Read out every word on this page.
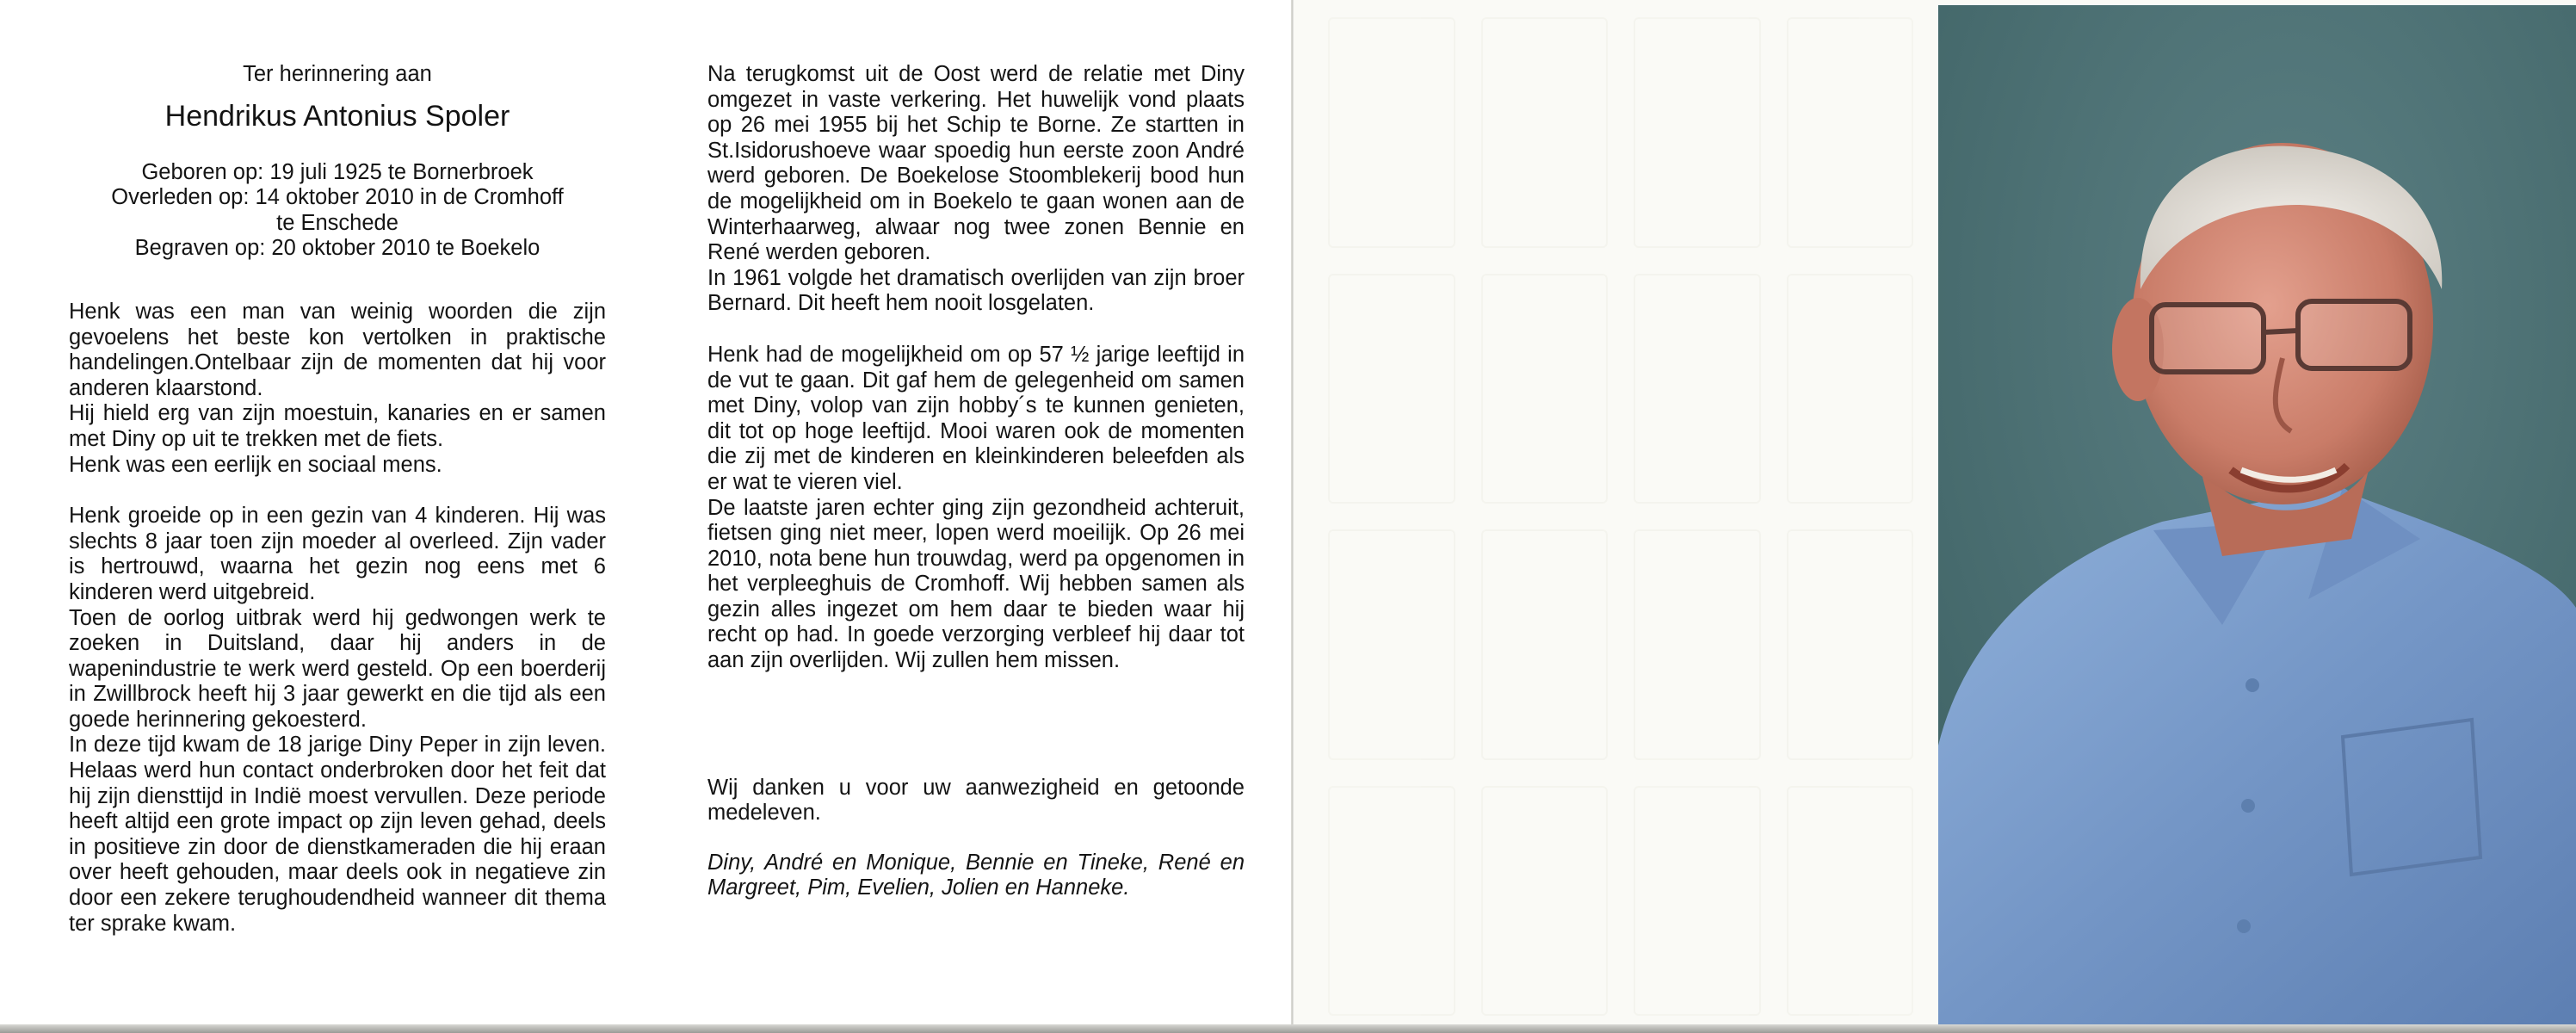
Ter herinnering aan

Hendrikus Antonius Spoler

Geboren op: 19 juli 1925 te Bornerbroek

Overleden op: 14 oktober 2010 in de Cromhoff

te Enschede

Begraven op: 20 oktober 2010 te Boekelo

Henk was een man van weinig woorden die zijn gevoelens het beste kon vertolken in praktische handelingen.Ontelbaar zijn de momenten dat hij voor anderen klaarstond.

Hij hield erg van zijn moestuin, kanaries en er samen met Diny op uit te trekken met de fiets.

Henk was een eerlijk en sociaal mens.

Henk groeide op in een gezin van 4 kinderen. Hij was slechts 8 jaar toen zijn moeder al overleed. Zijn vader is hertrouwd, waarna het gezin nog eens met 6 kinderen werd uitgebreid.

Toen de oorlog uitbrak werd hij gedwongen werk te zoeken in Duitsland, daar hij anders in de wapenindustrie te werk werd gesteld. Op een boerderij in Zwillbrock heeft hij 3 jaar gewerkt en die tijd als een goede herinnering gekoesterd.

In deze tijd kwam de 18 jarige Diny Peper in zijn leven. Helaas werd hun contact onderbroken door het feit dat hij zijn diensttijd in Indië moest vervullen. Deze periode heeft altijd een grote impact op zijn leven gehad, deels in positieve zin door de dienstkameraden die hij eraan over heeft gehouden, maar deels ook in negatieve zin door een zekere terughoudendheid wanneer dit thema ter sprake kwam.

Na terugkomst uit de Oost werd de relatie met Diny omgezet in vaste verkering. Het huwelijk vond plaats op 26 mei 1955 bij het Schip te Borne. Ze startten in St.Isidorushoeve waar spoedig hun eerste zoon André werd geboren. De Boekelose Stoomblekerij bood hun de mogelijkheid om in Boekelo te gaan wonen aan de Winterhaarweg, alwaar nog twee zonen Bennie en René werden geboren.

In 1961 volgde het dramatisch overlijden van zijn broer Bernard. Dit heeft hem nooit losgelaten.

Henk had de mogelijkheid om op 57 ½ jarige leeftijd in de vut te gaan. Dit gaf hem de gelegenheid om samen met Diny, volop van zijn hobby´s te kunnen genieten, dit tot op hoge leeftijd. Mooi waren ook de momenten die zij met de kinderen en kleinkinderen beleefden als er wat te vieren viel.

De laatste jaren echter ging zijn gezondheid achteruit, fietsen ging niet meer, lopen werd moeilijk. Op 26 mei 2010, nota bene hun trouwdag, werd pa opgenomen in het verpleeghuis de Cromhoff. Wij hebben samen als gezin alles ingezet om hem daar te bieden waar hij recht op had. In goede verzorging verbleef hij daar tot aan zijn overlijden. Wij zullen hem missen.

Wij danken u voor uw aanwezigheid en getoonde medeleven.

Diny, André en Monique, Bennie en Tineke, René en Margreet, Pim, Evelien, Jolien en Hanneke.
